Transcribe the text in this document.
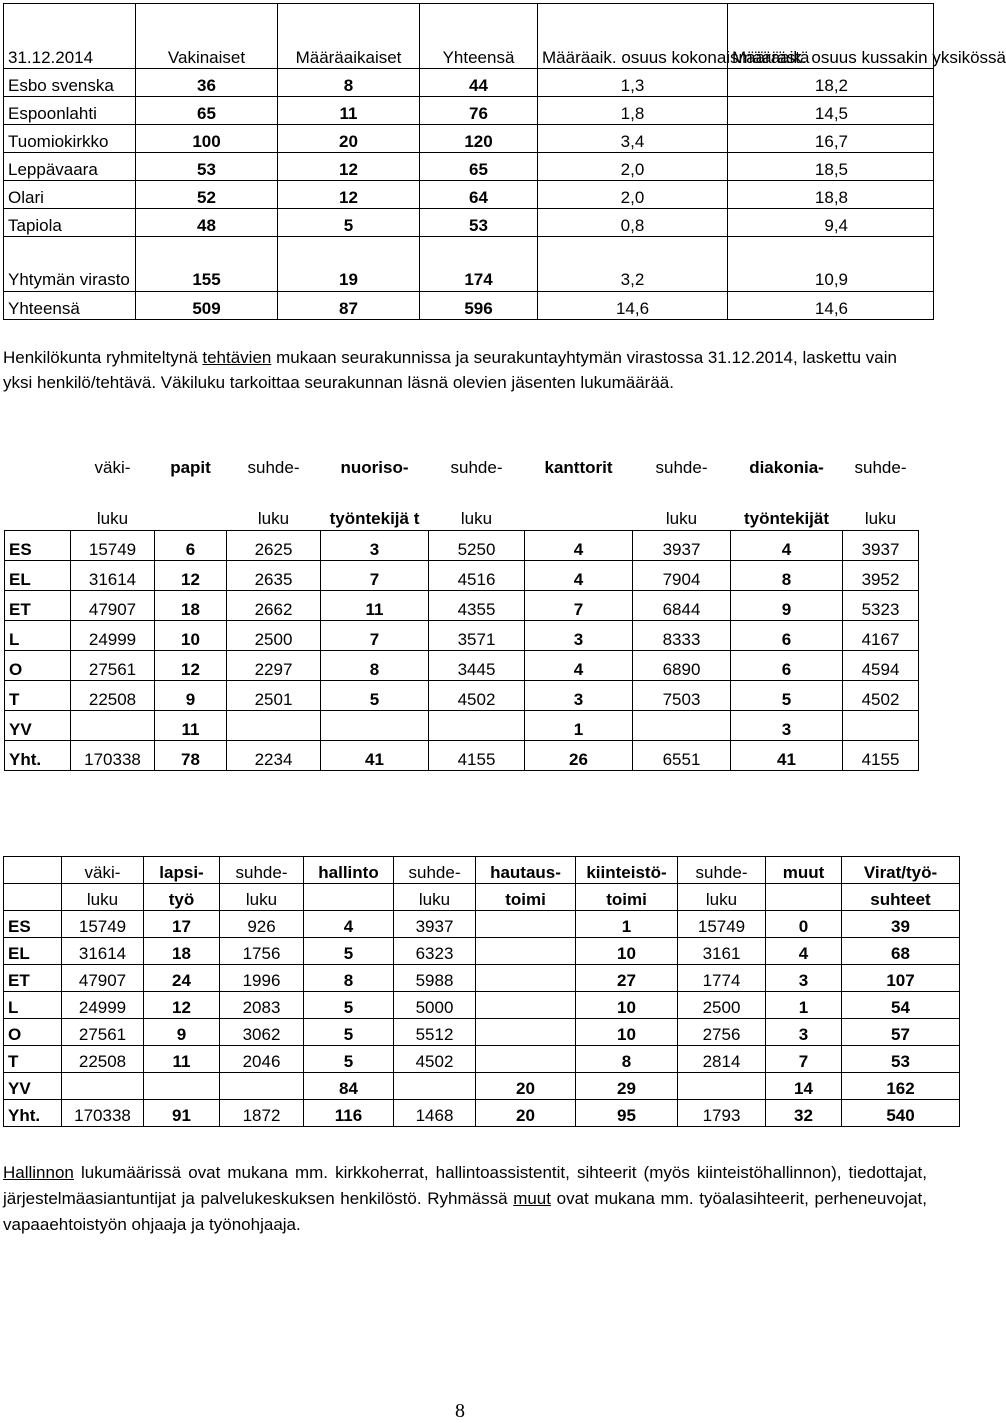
31.12.2014	Vakinaiset	Määräaikaiset	Yhteensä	Määräaik. osuus kokonaismäärästä	Määräaik. osuus kussakin yksikössä
Esbo svenska	36	8	44	1,3	18,2
Espoonlahti	65	11	76	1,8	14,5
Tuomiokirkko	100	20	120	3,4	16,7
Leppävaara	53	12	65	2,0	18,5
Olari	52	12	64	2,0	18,8
Tapiola	48	5	53	0,8	9,4
Yhtymän virasto	155	19	174	3,2	10,9
Yhteensä	509	87	596	14,6	14,6

Henkilökunta ryhmiteltynä tehtävien mukaan seurakunnissa ja seurakuntayhtymän virastossa 31.12.2014, laskettu vain yksi henkilö/tehtävä. Väkiluku tarkoittaa seurakunnan läsnä olevien jäsenten lukumäärää.

	väki-	papit	suhde-	nuoriso-	suhde-	kanttorit	suhde-	diakonia-	suhde-
	luku		luku	työntekijä t	luku		luku	työntekijät	luku
ES	15749	6	2625	3	5250	4	3937	4	3937
EL	31614	12	2635	7	4516	4	7904	8	3952
ET	47907	18	2662	11	4355	7	6844	9	5323
L	24999	10	2500	7	3571	3	8333	6	4167
O	27561	12	2297	8	3445	4	6890	6	4594
T	22508	9	2501	5	4502	3	7503	5	4502
YV		11				1		3	
Yht.	170338	78	2234	41	4155	26	6551	41	4155
	väki-	lapsi-	suhde-	hallinto	suhde-	hautaus-	kiinteistö-	suhde-	muut	Virat/työ-
	luku	työ	luku		luku	toimi	toimi	luku		suhteet
ES	15749	17	926	4	3937		1	15749	0	39
EL	31614	18	1756	5	6323		10	3161	4	68
ET	47907	24	1996	8	5988		27	1774	3	107
L	24999	12	2083	5	5000		10	2500	1	54
O	27561	9	3062	5	5512		10	2756	3	57
T	22508	11	2046	5	4502		8	2814	7	53
YV				84		20	29		14	162
Yht.	170338	91	1872	116	1468	20	95	1793	32	540

Hallinnon lukumäärissä ovat mukana mm. kirkkoherrat, hallintoassistentit, sihteerit (myös kiinteistöhallinnon), tiedottajat, järjestelmäasiantuntijat ja palvelukeskuksen henkilöstö. Ryhmässä muut ovat mukana mm. työalasihteerit, perheneuvojat, vapaaehtoistyön ohjaaja ja työnohjaaja.

8
